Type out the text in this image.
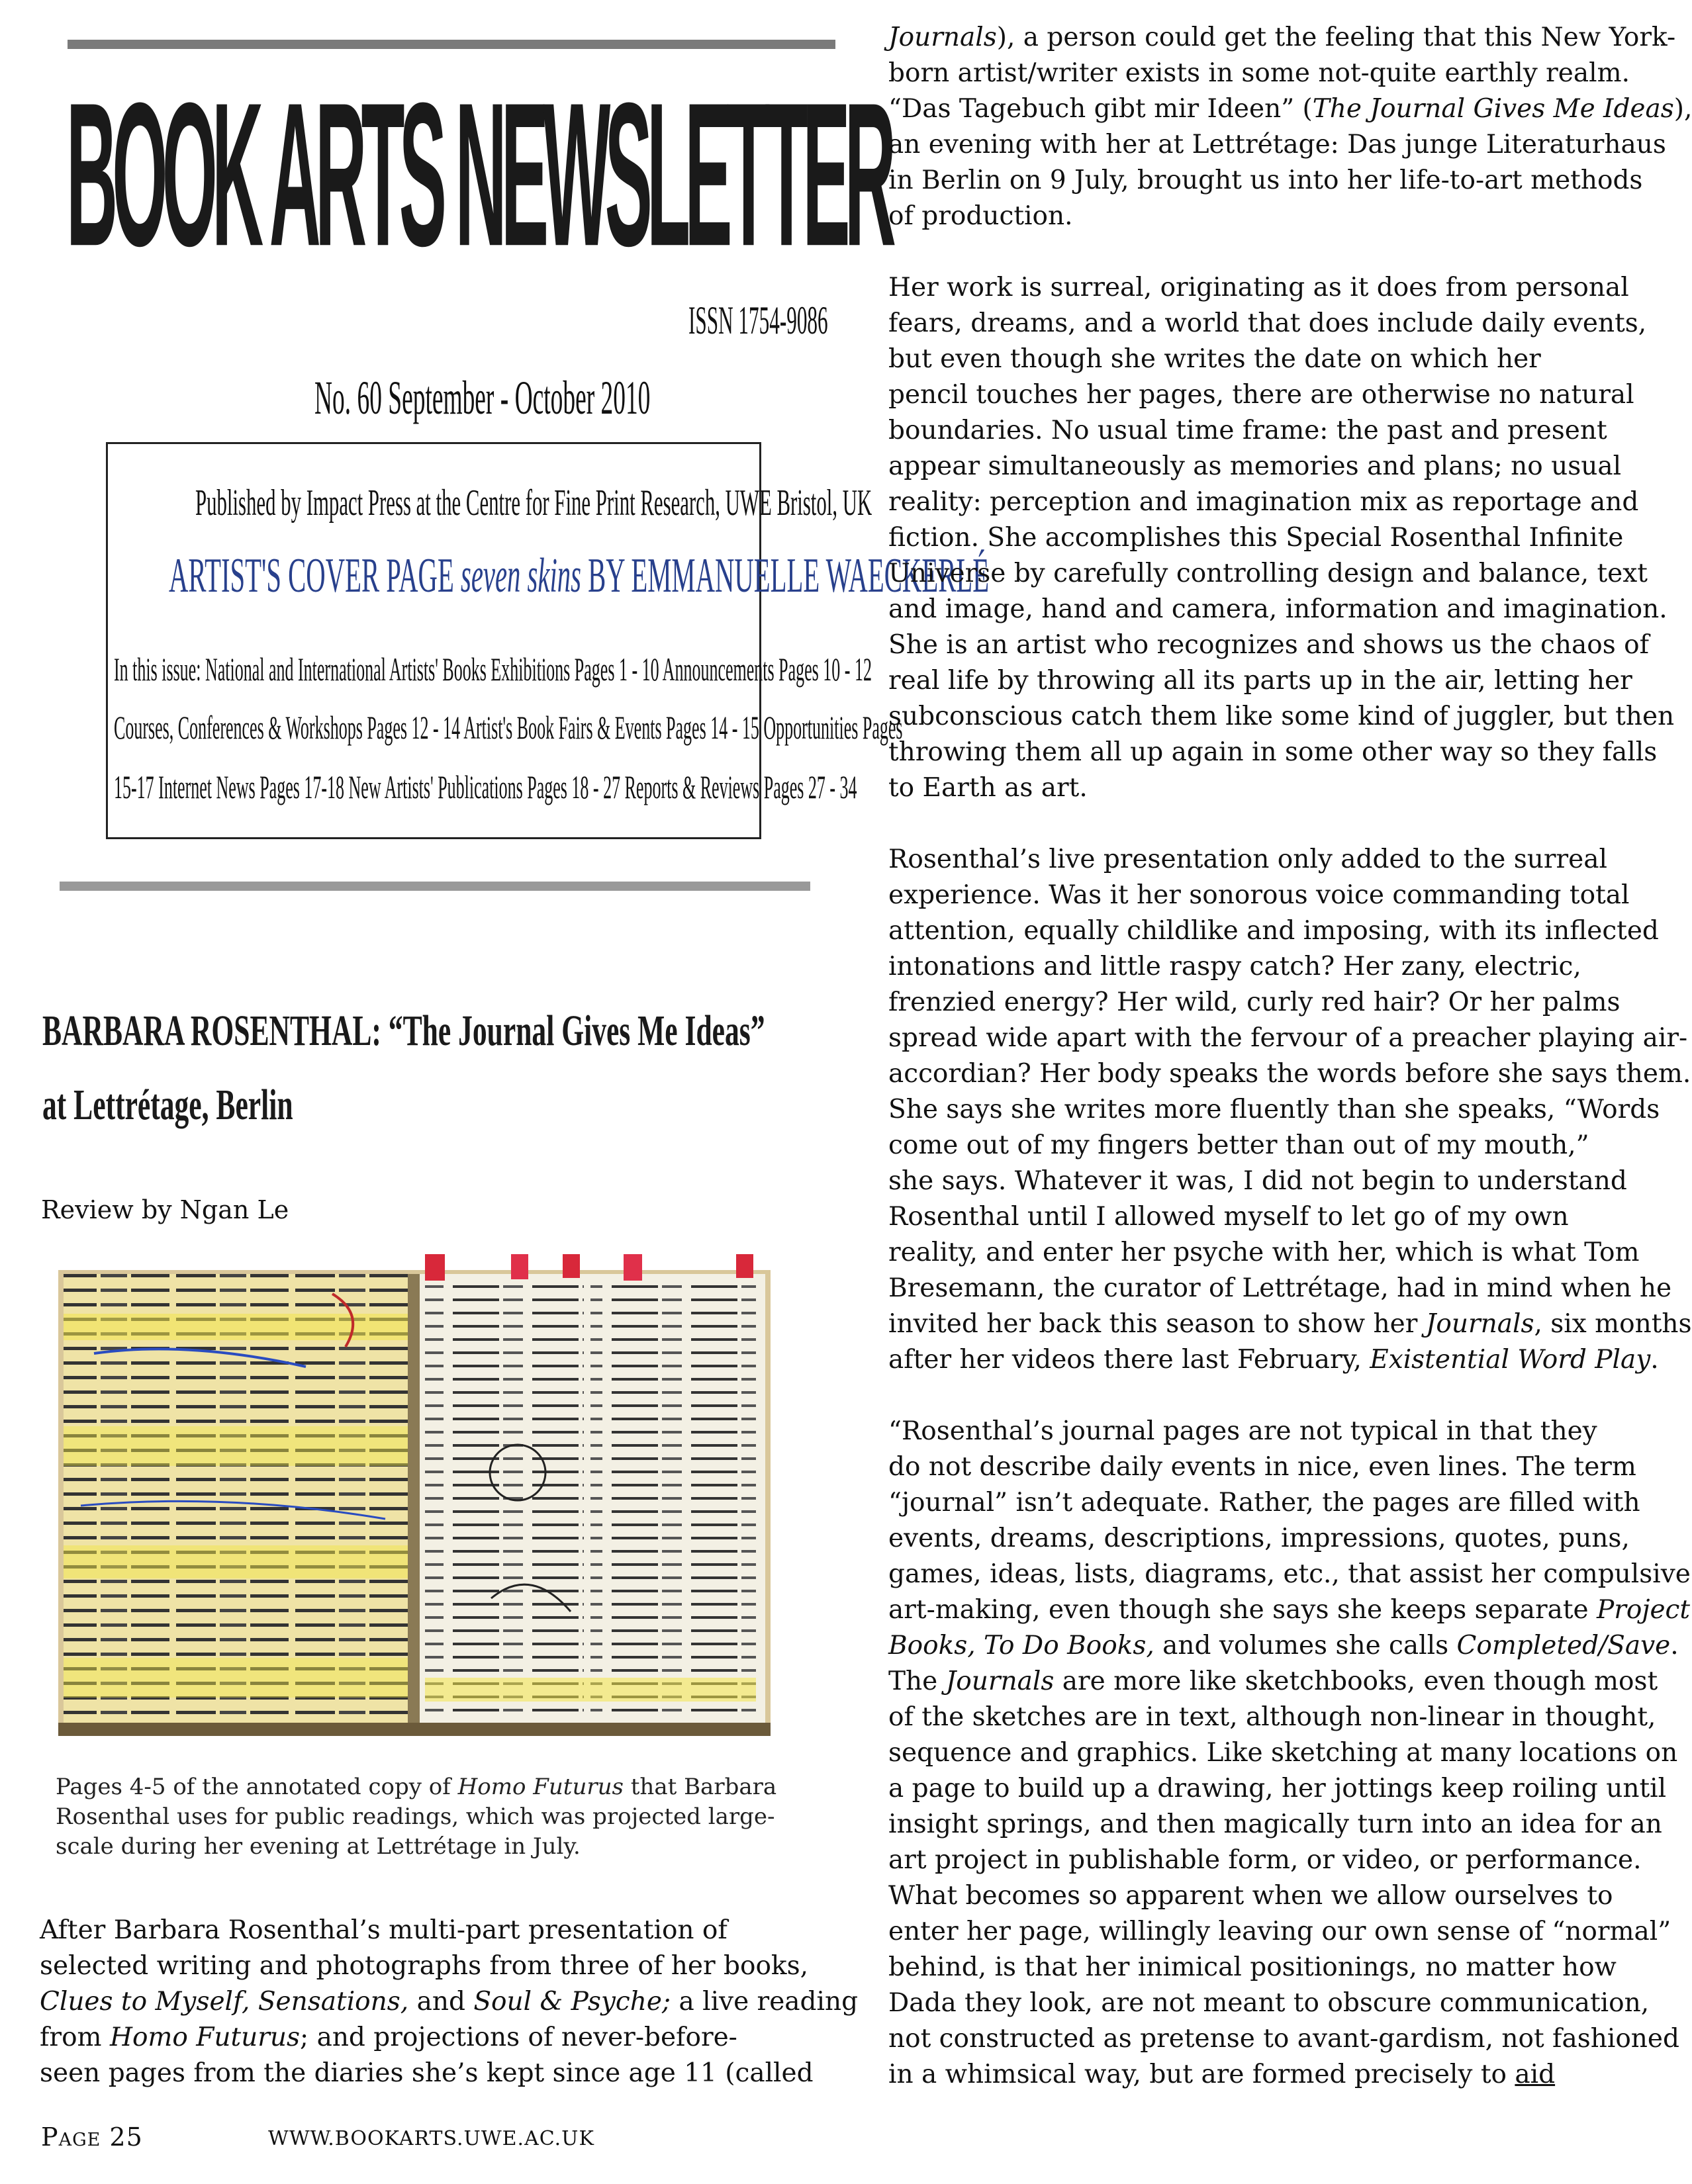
BOOK ARTS NEWSLETTER
ISSN 1754-9086
No. 60 September - October 2010
Published by Impact Press at the Centre for Fine Print Research, UWE Bristol, UK
ARTIST'S COVER PAGE seven skins BY EMMANUELLE WAECKERLÉ
In this issue: National and International Artists' Books Exhibitions Pages 1 - 10 Announcements Pages 10 - 12
Courses, Conferences & Workshops Pages 12 - 14 Artist's Book Fairs & Events Pages 14 - 15 Opportunities Pages
15-17 Internet News Pages 17-18 New Artists' Publications Pages 18 - 27 Reports & Reviews Pages 27 - 34
BARBARA ROSENTHAL: “The Journal Gives Me Ideas”
at Lettrétage, Berlin
Review by Ngan Le
Pages 4-5 of the annotated copy of Homo Futurus that Barbara
Rosenthal uses for public readings, which was projected large-
scale during her evening at Lettrétage in July.
After Barbara Rosenthal’s multi-part presentation of
selected writing and photographs from three of her books,
Clues to Myself, Sensations, and Soul & Psyche; a live reading
from Homo Futurus; and projections of never-before-
seen pages from the diaries she’s kept since age 11 (called
Journals), a person could get the feeling that this New York-
born artist/writer exists in some not-quite earthly realm.
“Das Tagebuch gibt mir Ideen” (The Journal Gives Me Ideas),
an evening with her at Lettrétage: Das junge Literaturhaus
in Berlin on 9 July, brought us into her life-to-art methods
of production.
Her work is surreal, originating as it does from personal
fears, dreams, and a world that does include daily events,
but even though she writes the date on which her
pencil touches her pages, there are otherwise no natural
boundaries. No usual time frame: the past and present
appear simultaneously as memories and plans; no usual
reality: perception and imagination mix as reportage and
fiction. She accomplishes this Special Rosenthal Infinite
Universe by carefully controlling design and balance, text
and image, hand and camera, information and imagination.
She is an artist who recognizes and shows us the chaos of
real life by throwing all its parts up in the air, letting her
subconscious catch them like some kind of juggler, but then
throwing them all up again in some other way so they falls
to Earth as art.
Rosenthal’s live presentation only added to the surreal
experience. Was it her sonorous voice commanding total
attention, equally childlike and imposing, with its inflected
intonations and little raspy catch? Her zany, electric,
frenzied energy? Her wild, curly red hair? Or her palms
spread wide apart with the fervour of a preacher playing air-
accordian? Her body speaks the words before she says them.
She says she writes more fluently than she speaks, “Words
come out of my fingers better than out of my mouth,”
she says. Whatever it was, I did not begin to understand
Rosenthal until I allowed myself to let go of my own
reality, and enter her psyche with her, which is what Tom
Bresemann, the curator of Lettrétage, had in mind when he
invited her back this season to show her Journals, six months
after her videos there last February, Existential Word Play.
“Rosenthal’s journal pages are not typical in that they
do not describe daily events in nice, even lines. The term
“journal” isn’t adequate. Rather, the pages are filled with
events, dreams, descriptions, impressions, quotes, puns,
games, ideas, lists, diagrams, etc., that assist her compulsive
art-making, even though she says she keeps separate Project
Books, To Do Books, and volumes she calls Completed/Save.
The Journals are more like sketchbooks, even though most
of the sketches are in text, although non-linear in thought,
sequence and graphics. Like sketching at many locations on
a page to build up a drawing, her jottings keep roiling until
insight springs, and then magically turn into an idea for an
art project in publishable form, or video, or performance.
What becomes so apparent when we allow ourselves to
enter her page, willingly leaving our own sense of “normal”
behind, is that her inimical positionings, no matter how
Dada they look, are not meant to obscure communication,
not constructed as pretense to avant-gardism, not fashioned
in a whimsical way, but are formed precisely to aid
Page 25	WWW.BOOKARTS.UWE.AC.UK
